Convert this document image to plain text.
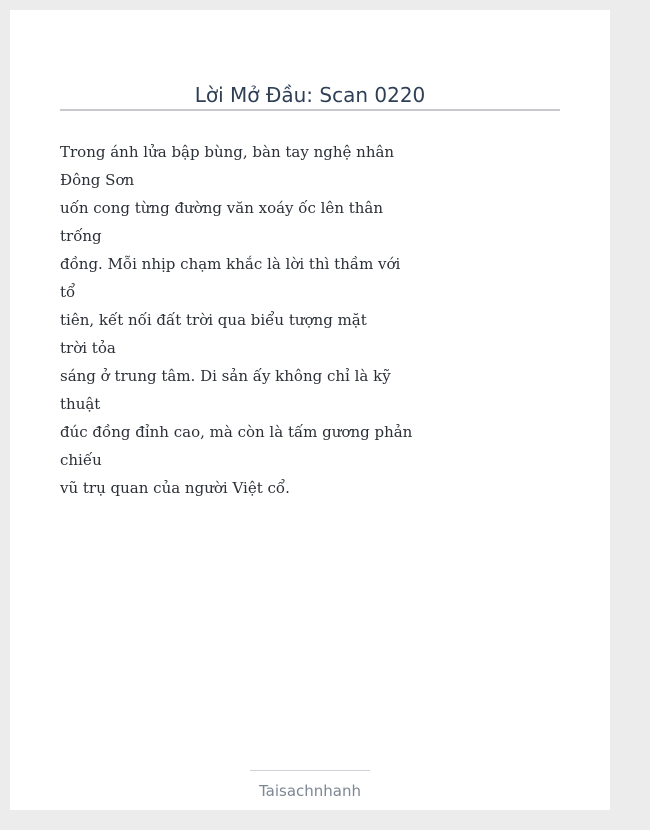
Lời Mở Đầu: Scan 0220
Trong ánh lửa bập bùng, bàn tay nghệ nhân
Đông Sơn
uốn cong từng đường văn xoáy ốc lên thân
trống
đồng. Mỗi nhịp chạm khắc là lời thì thầm với
tổ
tiên, kết nối đất trời qua biểu tượng mặt
trời tỏa
sáng ở trung tâm. Di sản ấy không chỉ là kỹ
thuật
đúc đồng đỉnh cao, mà còn là tấm gương phản
chiếu
vũ trụ quan của người Việt cổ.
Taisachnhanh
